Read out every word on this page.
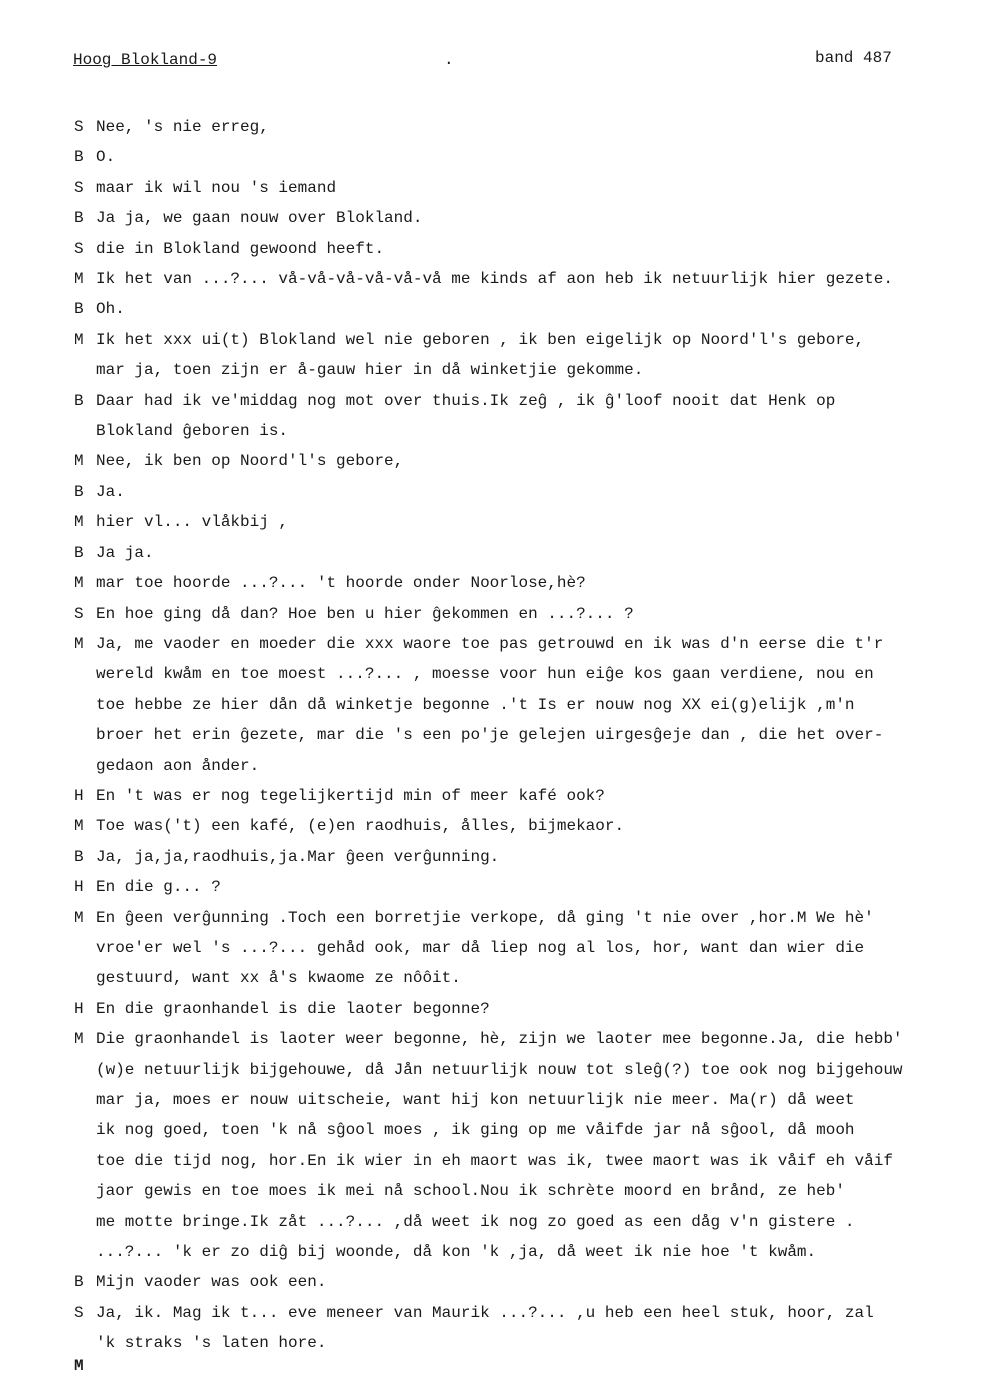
Hoog Blokland-9	.	band 487
S Nee, 's nie erreg,
B O.
S maar ik wil nou 's iemand
B Ja ja, we gaan nouw over Blokland.
S die in Blokland gewoond heeft.
M Ik het van ...?... vå-vå-vå-vå-vå-vå me kinds af aon heb ik netuurlijk hier gezete.
B Oh.
M Ik het xxx ui(t) Blokland wel nie geboren , ik ben eigelijk op Noord'l's gebore,
mar ja, toen zijn er å-gauw hier in då winketjie gekomme.
B Daar had ik ve'middag nog mot over thuis.Ik zeĝ , ik ĝ'loof nooit dat Henk op
Blokland ĝeboren is.
M Nee, ik ben op Noord'l's gebore,
B Ja.
M hier vl... vlåkbij ,
B Ja ja.
M mar toe hoorde ...?... 't hoorde onder Noorlose,hè?
S En hoe ging då dan? Hoe ben u hier ĝekommen en ...?... ?
M Ja, me vaoder en moeder die xxx waore toe pas getrouwd en ik was d'n eerse die t'r
wereld kwåm en toe moest ...?... , moesse voor hun eiĝe kos gaan verdiene, nou en
toe hebbe ze hier dån då winketje begonne .'t Is er nouw nog XX ei(g)elijk ,m'n
broer het erin ĝezete, mar die 's een po'je gelejen uirgesĝeje dan , die het over-
gedaon aon ånder.
H En 't was er nog tegelijkertijd min of meer kafé ook?
M Toe was('t) een kafé, (e)en raodhuis, ålles, bijmekaor.
B Ja, ja,ja,raodhuis,ja.Mar ĝeen verĝunning.
H En die g... ?
M En ĝeen verĝunning .Toch een borretjie verkope, då ging 't nie over ,hor.M We hè'
vroe'er wel 's ...?... gehåd ook, mar då liep nog al los, hor, want dan wier die
gestuurd, want xx å's kwaome ze nôôit.
H En die graonhandel is die laoter begonne?
M Die graonhandel is laoter weer begonne, hè, zijn we laoter mee begonne.Ja, die hebb'
(w)e netuurlijk bijgehouwe, då Jån netuurlijk nouw tot sleĝ(?) toe ook nog bijgehouw
mar ja, moes er nouw uitscheie, want hij kon netuurlijk nie meer. Ma(r) då weet
ik nog goed, toen 'k nå sĝool moes , ik ging op me våifde jar nå sĝool, då mooh
toe die tijd nog, hor.En ik wier in eh maort was ik, twee maort was ik våif eh våif
jaor gewis en toe moes ik mei nå school.Nou ik schrète moord en brånd, ze heb'
me motte bringe.Ik zåt ...?... ,då weet ik nog zo goed as een dåg v'n gistere .
...?... 'k er zo diĝ bij woonde, då kon 'k ,ja, då weet ik nie hoe 't kwåm.
B Mijn vaoder was ook een.
S Ja, ik. Mag ik t... eve meneer van Maurik ...?... ,u heb een heel stuk, hoor, zal
'k straks 's laten hore.
M
